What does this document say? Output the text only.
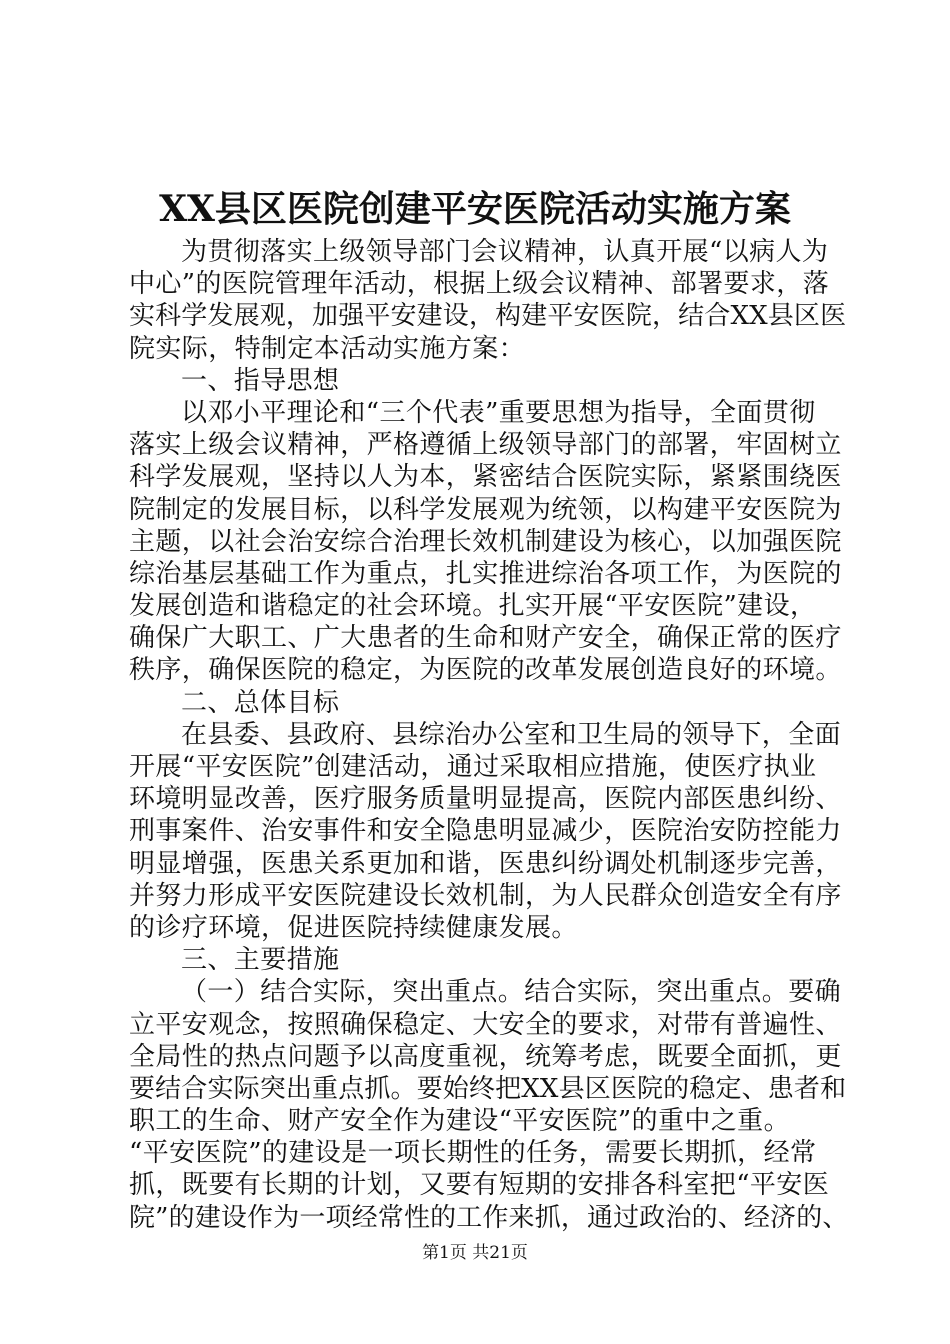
XX县区医院创建平安医院活动实施方案
为贯彻落实上级领导部门会议精神，认真开展“以病人为
中心”的医院管理年活动，根据上级会议精神、部署要求，落
实科学发展观，加强平安建设，构建平安医院，结合XX县区医
院实际，特制定本活动实施方案：
一、指导思想
以邓小平理论和“三个代表”重要思想为指导，全面贯彻
落实上级会议精神，严格遵循上级领导部门的部署，牢固树立
科学发展观，坚持以人为本，紧密结合医院实际，紧紧围绕医
院制定的发展目标，以科学发展观为统领，以构建平安医院为
主题，以社会治安综合治理长效机制建设为核心，以加强医院
综治基层基础工作为重点，扎实推进综治各项工作，为医院的
发展创造和谐稳定的社会环境。扎实开展“平安医院”建设，
确保广大职工、广大患者的生命和财产安全，确保正常的医疗
秩序，确保医院的稳定，为医院的改革发展创造良好的环境。
二、总体目标
在县委、县政府、县综治办公室和卫生局的领导下，全面
开展“平安医院”创建活动，通过采取相应措施，使医疗执业
环境明显改善，医疗服务质量明显提高，医院内部医患纠纷、
刑事案件、治安事件和安全隐患明显减少，医院治安防控能力
明显增强，医患关系更加和谐，医患纠纷调处机制逐步完善，
并努力形成平安医院建设长效机制，为人民群众创造安全有序
的诊疗环境，促进医院持续健康发展。
三、主要措施
（一）结合实际，突出重点。结合实际，突出重点。要确
立平安观念，按照确保稳定、大安全的要求，对带有普遍性、
全局性的热点问题予以高度重视，统筹考虑，既要全面抓，更
要结合实际突出重点抓。要始终把XX县区医院的稳定、患者和
职工的生命、财产安全作为建设“平安医院”的重中之重。
“平安医院”的建设是一项长期性的任务，需要长期抓，经常
抓，既要有长期的计划，又要有短期的安排各科室把“平安医
院”的建设作为一项经常性的工作来抓，通过政治的、经济的、
第1页 共21页
